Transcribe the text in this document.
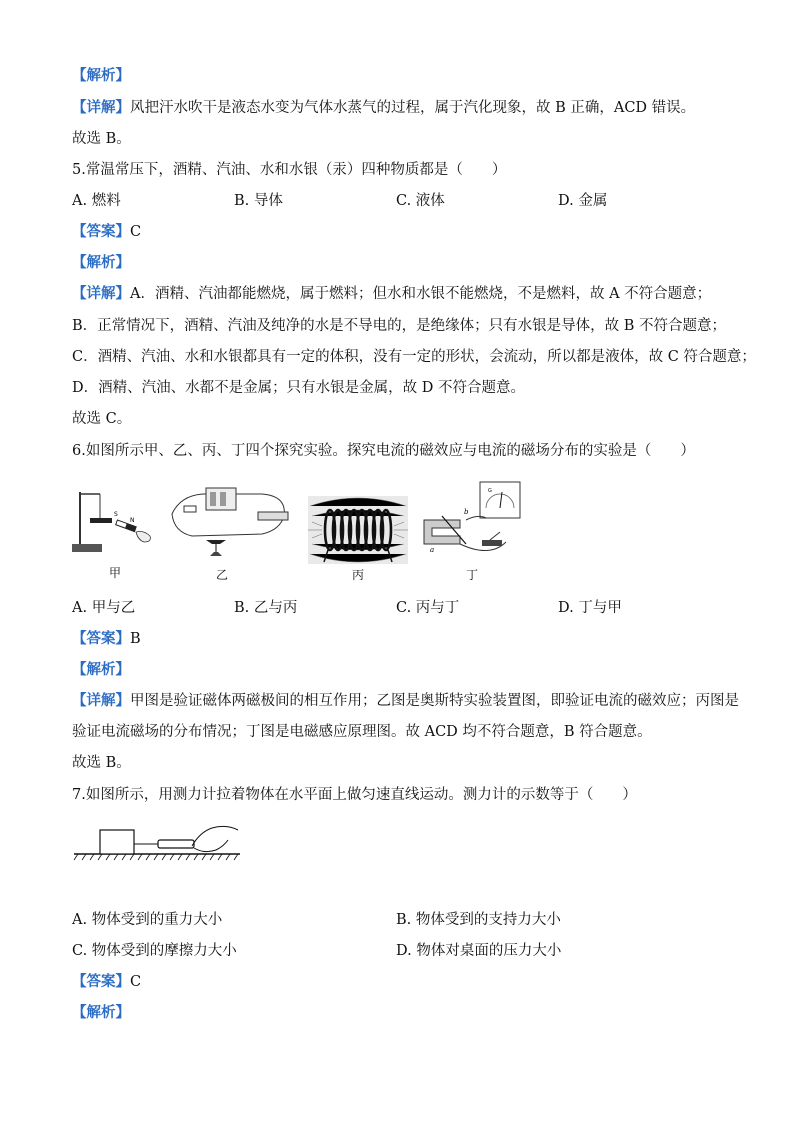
【解析】
【详解】风把汗水吹干是液态水变为气体水蒸气的过程，属于汽化现象，故 B 正确，ACD 错误。
故选 B。
5.常温常压下，酒精、汽油、水和水银（汞）四种物质都是（　　）
A. 燃料	B. 导体	C. 液体	D. 金属
【答案】C
【解析】
【详解】A．酒精、汽油都能燃烧，属于燃料；但水和水银不能燃烧，不是燃料，故 A 不符合题意；
B．正常情况下，酒精、汽油及纯净的水是不导电的，是绝缘体；只有水银是导体，故 B 不符合题意；
C．酒精、汽油、水和水银都具有一定的体积，没有一定的形状，会流动，所以都是液体，故 C 符合题意；
D．酒精、汽油、水都不是金属；只有水银是金属，故 D 不符合题意。
故选 C。
6.如图所示甲、乙、丙、丁四个探究实验。探究电流的磁效应与电流的磁场分布的实验是（　　）
S
N
甲	乙	丙
G
b
a
丁
A. 甲与乙	B. 乙与丙	C. 丙与丁	D. 丁与甲
【答案】B
【解析】
【详解】甲图是验证磁体两磁极间的相互作用；乙图是奥斯特实验装置图，即验证电流的磁效应；丙图是
验证电流磁场的分布情况；丁图是电磁感应原理图。故 ACD 均不符合题意，B 符合题意。
故选 B。
7.如图所示，用测力计拉着物体在水平面上做匀速直线运动。测力计的示数等于（　　）
A. 物体受到的重力大小	B. 物体受到的支持力大小
C. 物体受到的摩擦力大小	D. 物体对桌面的压力大小
【答案】C
【解析】
